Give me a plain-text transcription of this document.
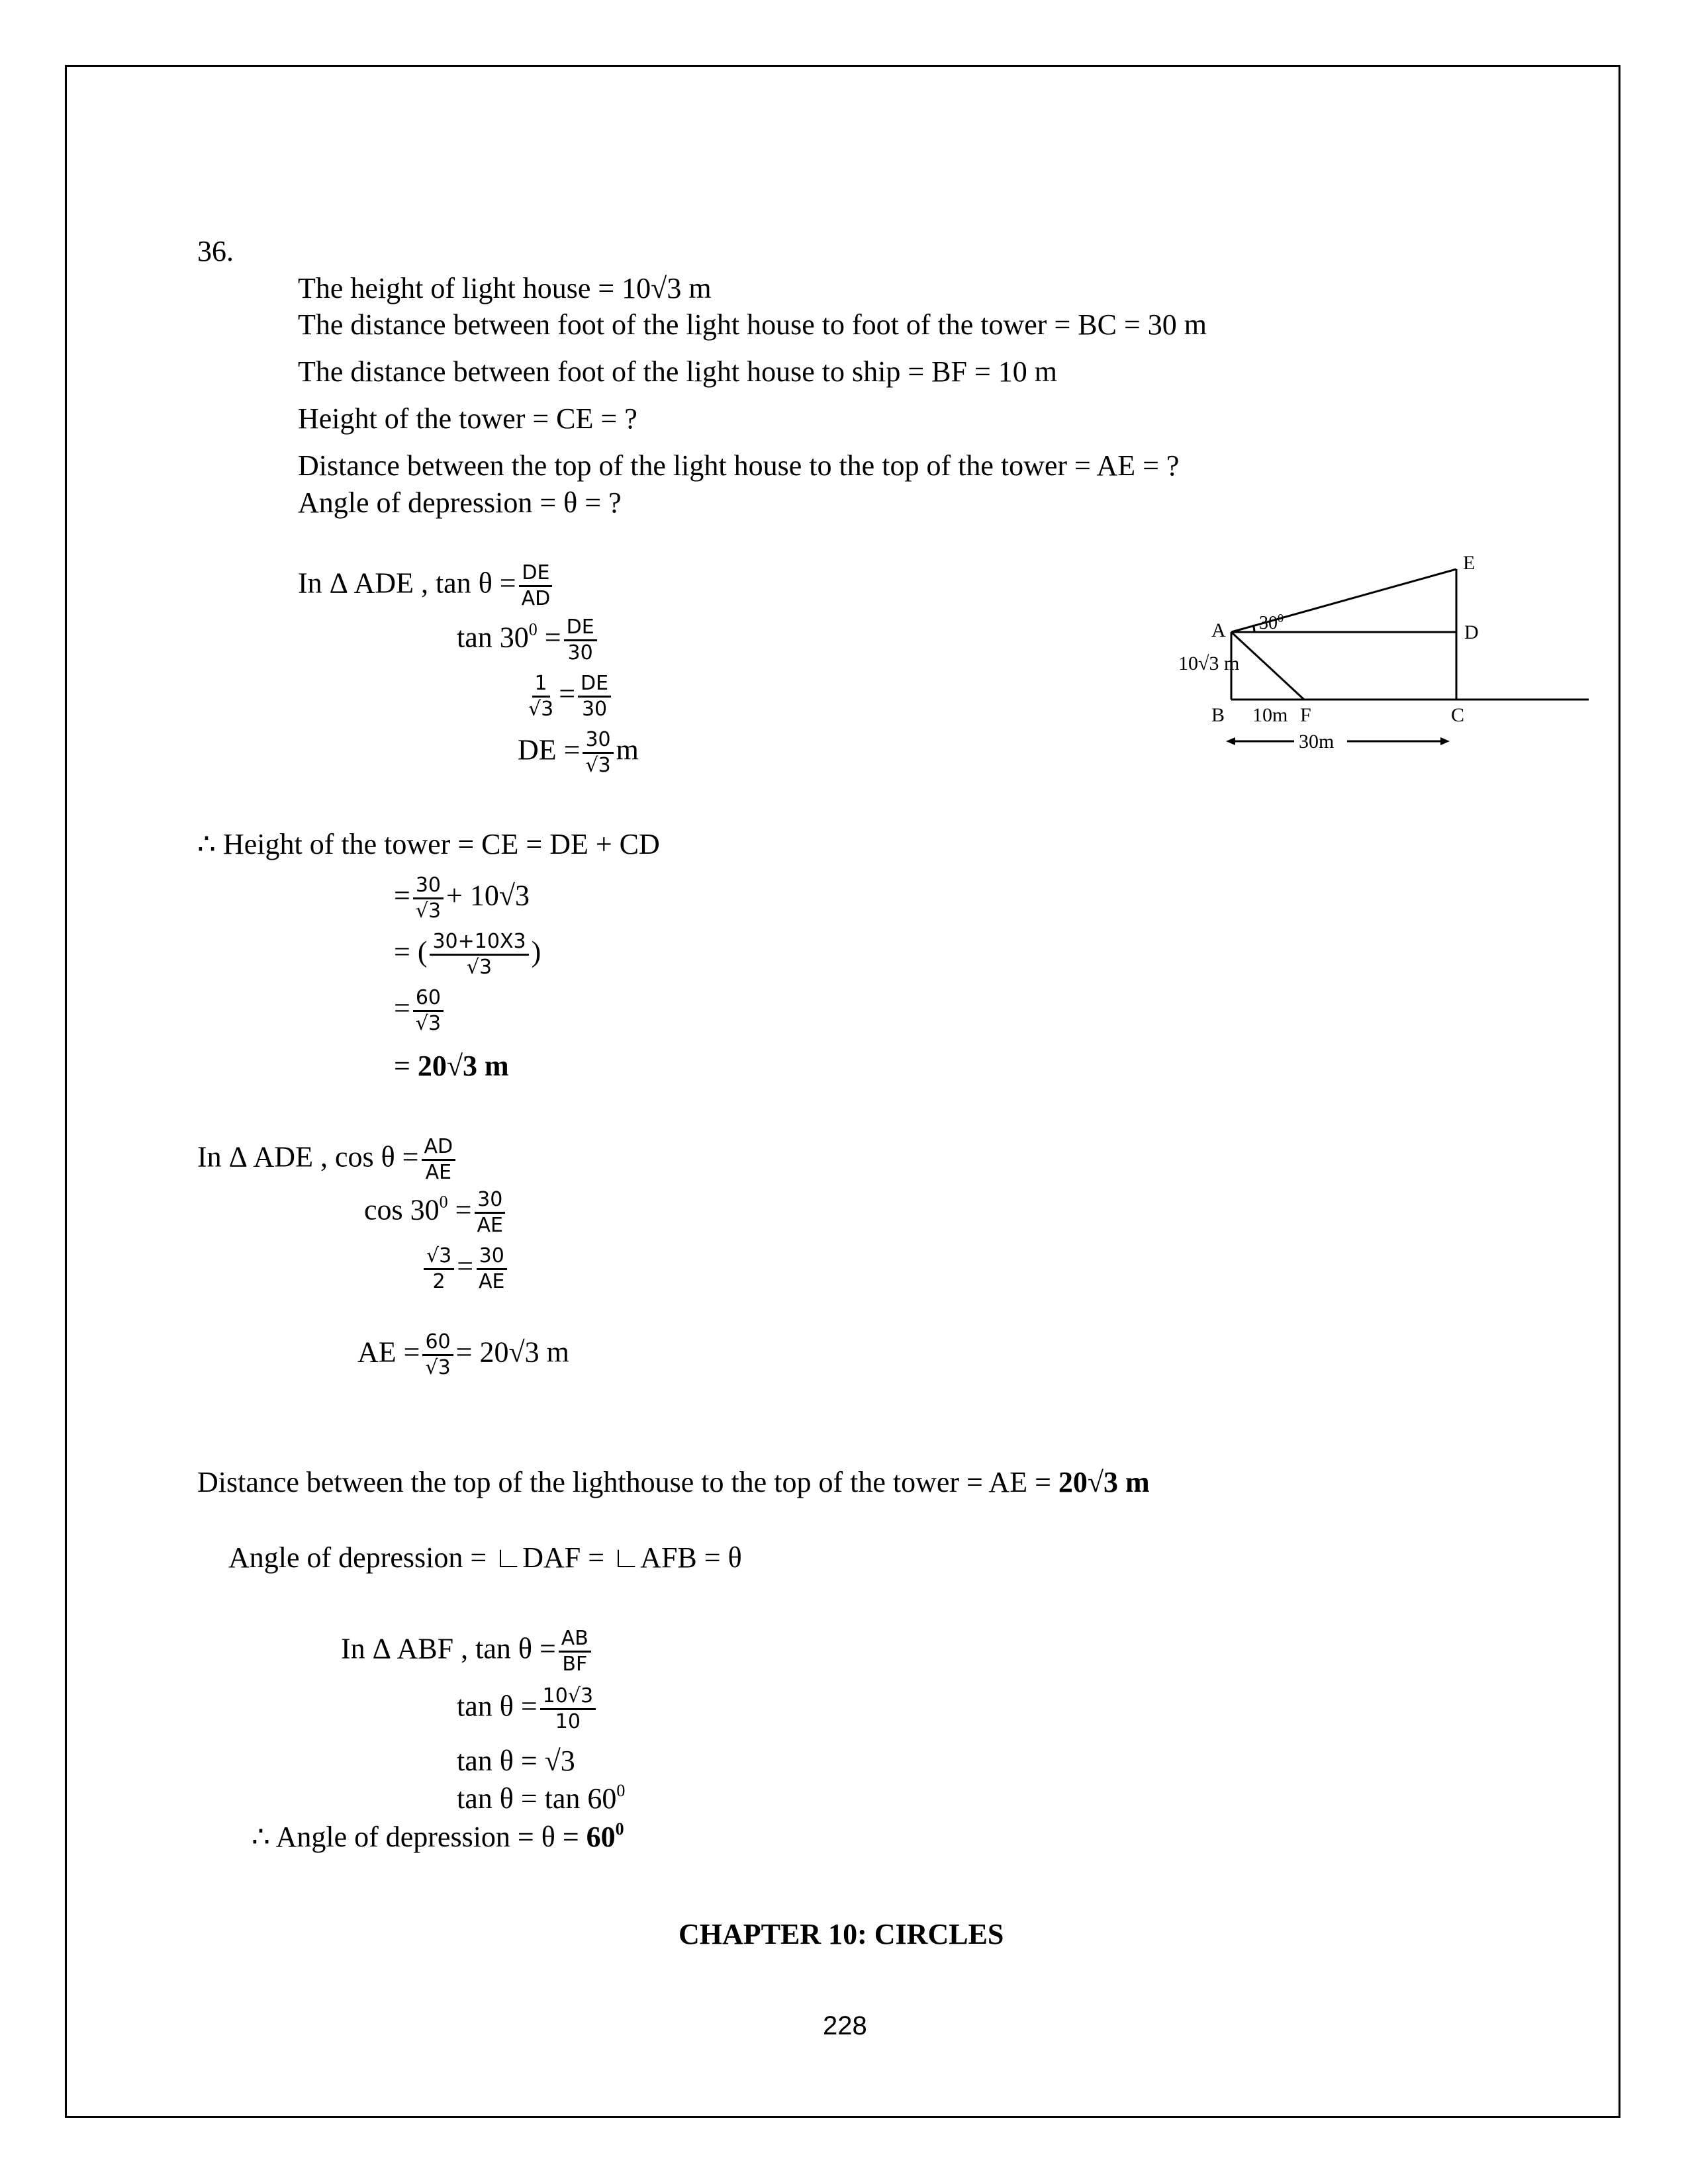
36.
The height of light house = 10√3 m
The distance between foot of the light house to foot of the tower = BC = 30 m
The distance between foot of the light house to ship = BF = 10 m
Height of the tower = CE = ?
Distance between the top of the light house to the top of the tower = AE = ?
Angle of depression = θ = ?
In Δ ADE , $\tan \theta = \frac{DE}{AD}$
$\tan 30^0 = \frac{DE}{30}$
$\frac{1}{√3} = \frac{DE}{30}$
DE = $\frac{30}{√3}$ m
E
D
A
B	C
F
$30^0$
10√3 m
10m
30m
∴ Height of the tower = CE = DE + CD
= $\frac{30}{√3} + 10√3$
= ( $\frac{30+10X3}{√3}$ )
= $\frac{60}{√3}$
= 20√3 m
In Δ ADE , $\cos \theta = \frac{AD}{AE}$
$\cos 30^0 = \frac{30}{AE}$
$\frac{√3}{2} = \frac{30}{AE}$
AE = $\frac{60}{√3} = 20√3$ m
Distance between the top of the lighthouse to the top of the tower = AE = 20√3 m
Angle of depression = ∟DAF = ∟AFB = θ
In Δ ABF , $\tan \theta = \frac{AB}{BF}$
$\tan \theta = \frac{10√3}{10}$
tan θ = √3
$\tan \theta = \tan 60^0$
∴ Angle of depression = $\theta = 60^0$
CHAPTER 10: CIRCLES
228
